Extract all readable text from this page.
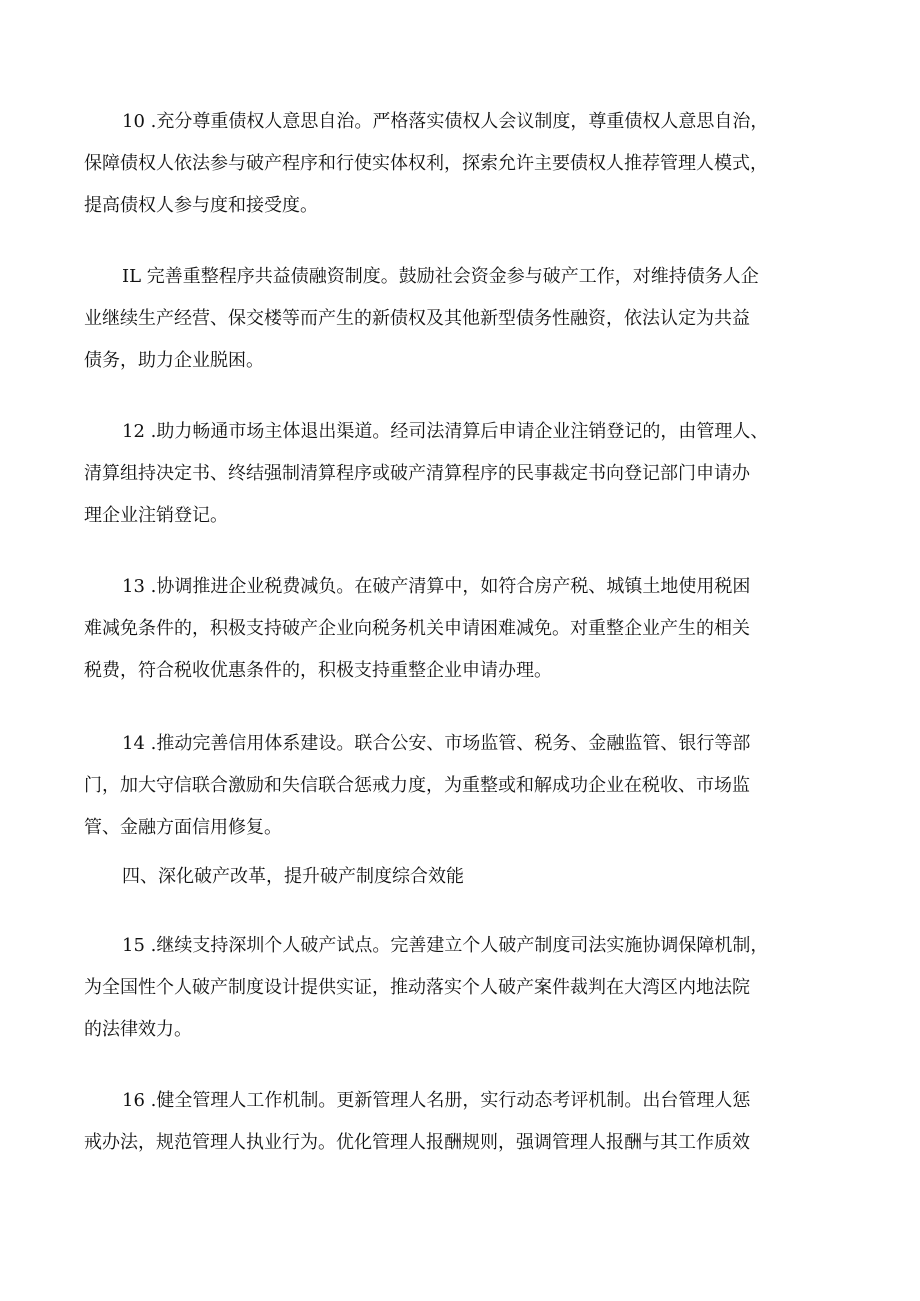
10 .充分尊重债权人意思自治。严格落实债权人会议制度，尊重债权人意思自治，
保障债权人依法参与破产程序和行使实体权利，探索允许主要债权人推荐管理人模式，
提高债权人参与度和接受度。
IL 完善重整程序共益债融资制度。鼓励社会资金参与破产工作，对维持债务人企
业继续生产经营、保交楼等而产生的新债权及其他新型债务性融资，依法认定为共益
债务，助力企业脱困。
12 .助力畅通市场主体退出渠道。经司法清算后申请企业注销登记的，由管理人、
清算组持决定书、终结强制清算程序或破产清算程序的民事裁定书向登记部门申请办
理企业注销登记。
13 .协调推进企业税费减负。在破产清算中，如符合房产税、城镇土地使用税困
难减免条件的，积极支持破产企业向税务机关申请困难减免。对重整企业产生的相关
税费，符合税收优惠条件的，积极支持重整企业申请办理。
14 .推动完善信用体系建设。联合公安、市场监管、税务、金融监管、银行等部
门，加大守信联合激励和失信联合惩戒力度，为重整或和解成功企业在税收、市场监
管、金融方面信用修复。
四、深化破产改革，提升破产制度综合效能
15 .继续支持深圳个人破产试点。完善建立个人破产制度司法实施协调保障机制，
为全国性个人破产制度设计提供实证，推动落实个人破产案件裁判在大湾区内地法院
的法律效力。
16 .健全管理人工作机制。更新管理人名册，实行动态考评机制。出台管理人惩
戒办法，规范管理人执业行为。优化管理人报酬规则，强调管理人报酬与其工作质效
